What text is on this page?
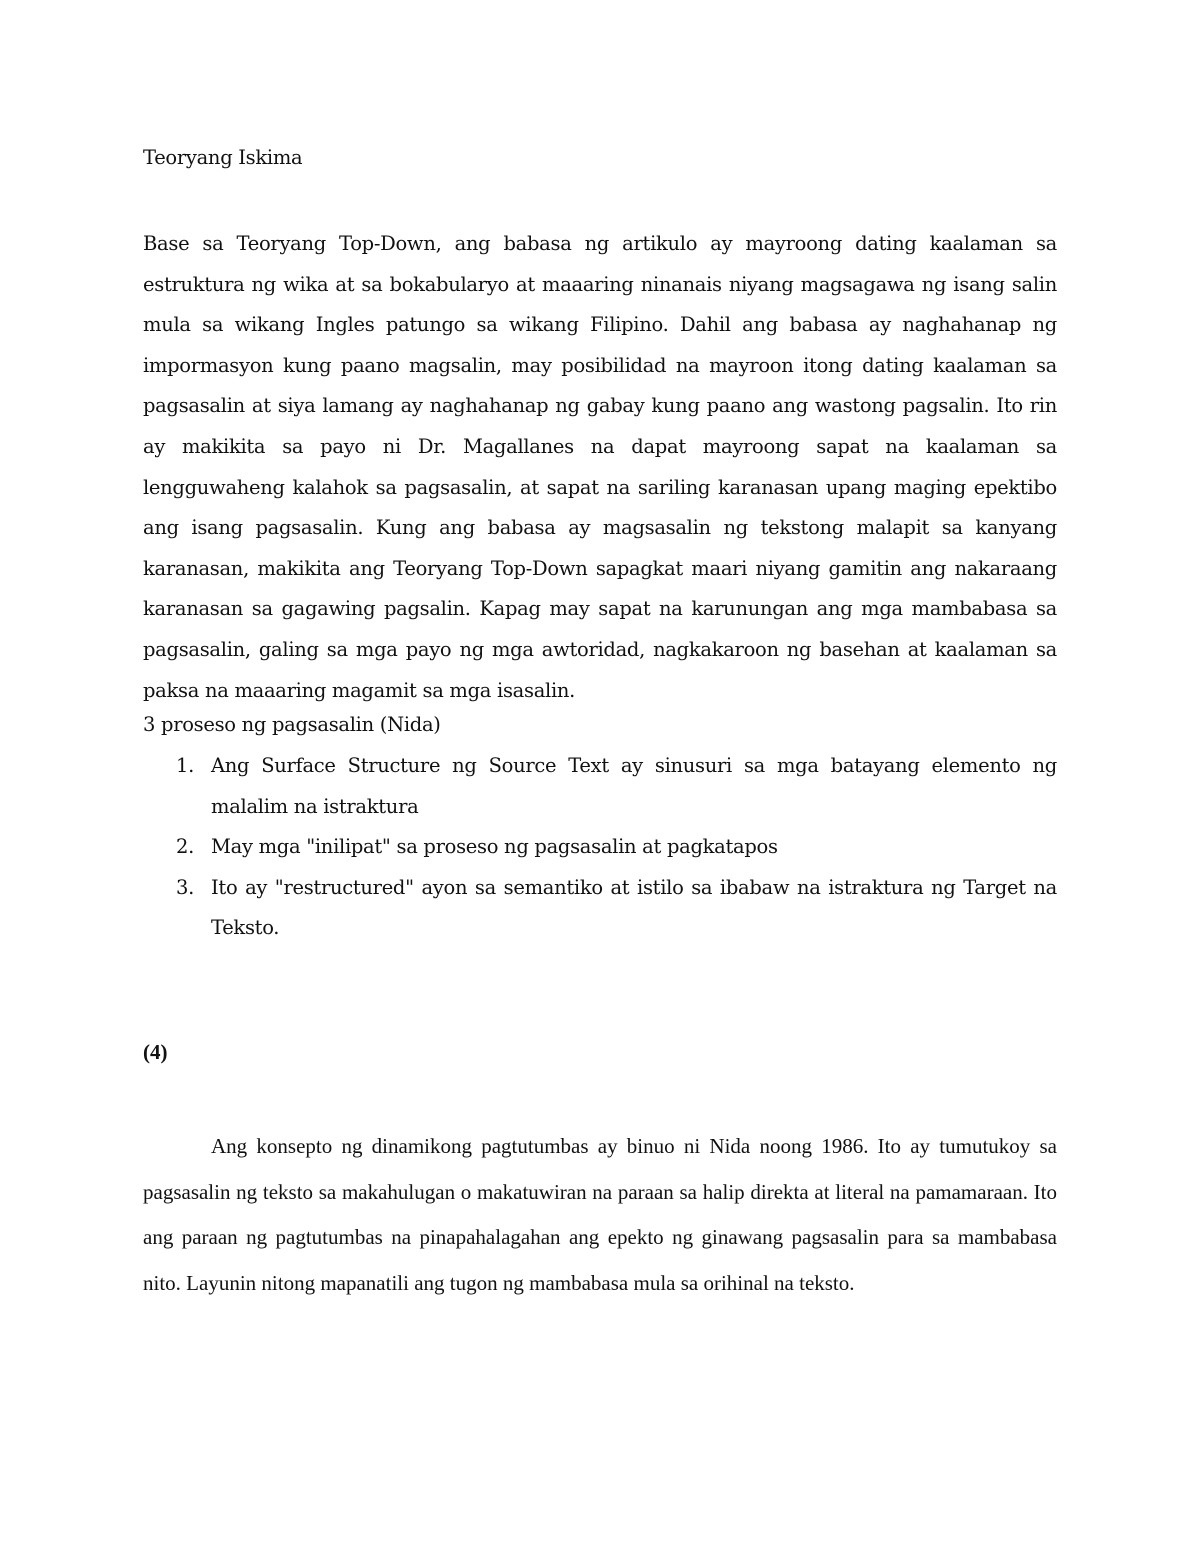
Teoryang Iskima

Base sa Teoryang Top-Down, ang babasa ng artikulo ay mayroong dating kaalaman sa estruktura ng wika at sa bokabularyo at maaaring ninanais niyang magsagawa ng isang salin mula sa wikang Ingles patungo sa wikang Filipino. Dahil ang babasa ay naghahanap ng impormasyon kung paano magsalin, may posibilidad na mayroon itong dating kaalaman sa pagsasalin at siya lamang ay naghahanap ng gabay kung paano ang wastong pagsalin. Ito rin ay makikita sa payo ni Dr. Magallanes na dapat mayroong sapat na kaalaman sa lengguwaheng kalahok sa pagsasalin, at sapat na sariling karanasan upang maging epektibo ang isang pagsasalin. Kung ang babasa ay magsasalin ng tekstong malapit sa kanyang karanasan, makikita ang Teoryang Top-Down sapagkat maari niyang gamitin ang nakaraang karanasan sa gagawing pagsalin. Kapag may sapat na karunungan ang mga mambabasa sa pagsasalin, galing sa mga payo ng mga awtoridad, nagkakaroon ng basehan at kaalaman sa paksa na maaaring magamit sa mga isasalin.

3 proseso ng pagsasalin (Nida)
1. Ang Surface Structure ng Source Text ay sinusuri sa mga batayang elemento ng malalim na istraktura
2. May mga "inilipat" sa proseso ng pagsasalin at pagkatapos
3. Ito ay "restructured" ayon sa semantiko at istilo sa ibabaw na istraktura ng Target na Teksto.

(4)

Ang konsepto ng dinamikong pagtutumbas ay binuo ni Nida noong 1986. Ito ay tumutukoy sa pagsasalin ng teksto sa makahulugan o makatuwiran na paraan sa halip direkta at literal na pamamaraan. Ito ang paraan ng pagtutumbas na pinapahalagahan ang epekto ng ginawang pagsasalin para sa mambabasa nito. Layunin nitong mapanatili ang tugon ng mambabasa mula sa orihinal na teksto.
